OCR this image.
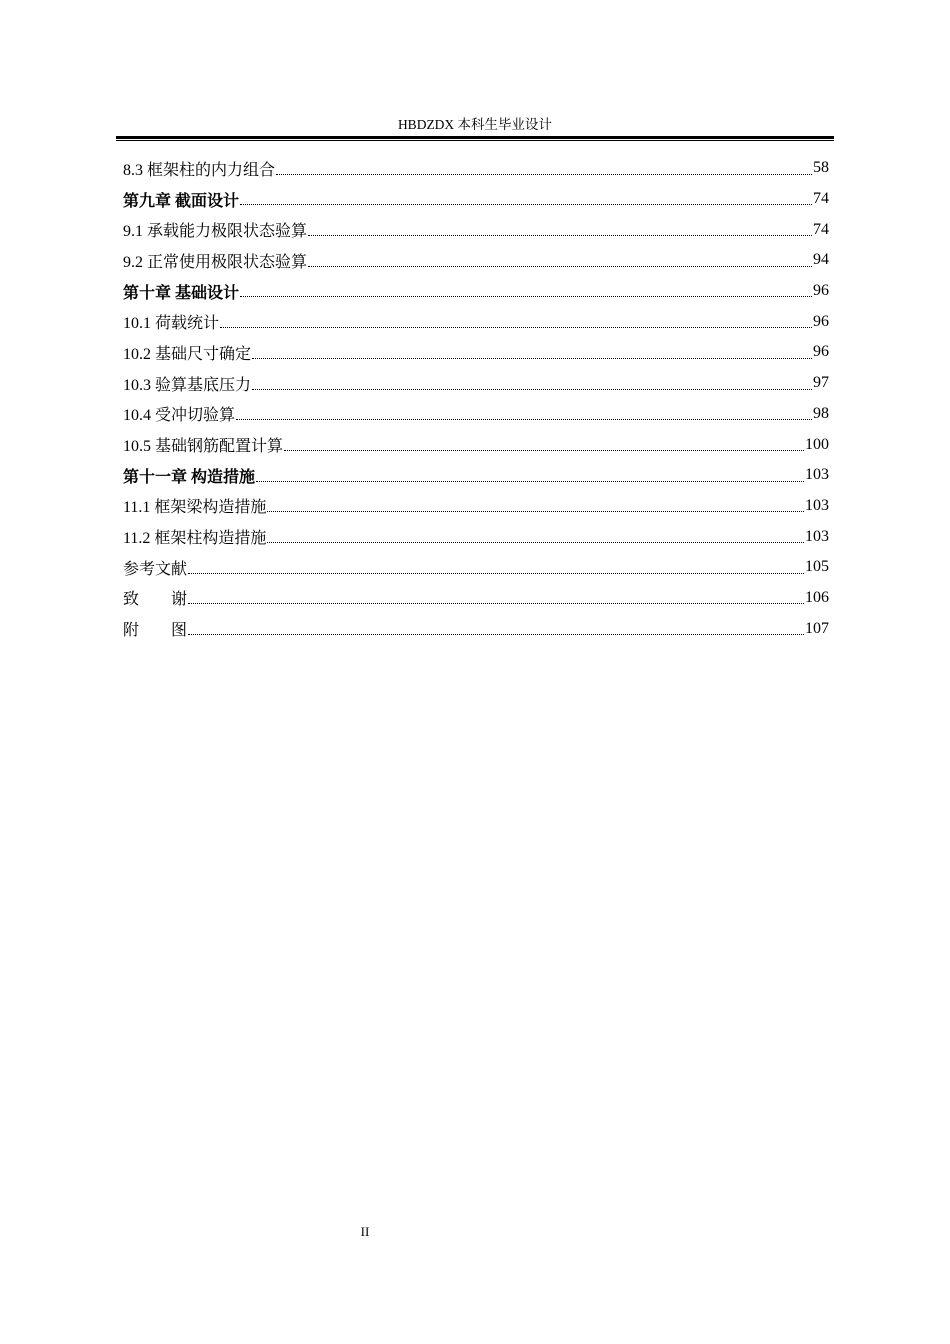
HBDZDX 本科生毕业设计
8.3 框架柱的内力组合	58
第九章 截面设计	74
9.1 承载能力极限状态验算	74
9.2 正常使用极限状态验算	94
第十章 基础设计	96
10.1 荷载统计	96
10.2 基础尺寸确定	96
10.3 验算基底压力	97
10.4 受冲切验算	98
10.5 基础钢筋配置计算	100
第十一章 构造措施	103
11.1 框架梁构造措施	103
11.2 框架柱构造措施	103
参考文献	105
致        谢	106
附        图	107
II
